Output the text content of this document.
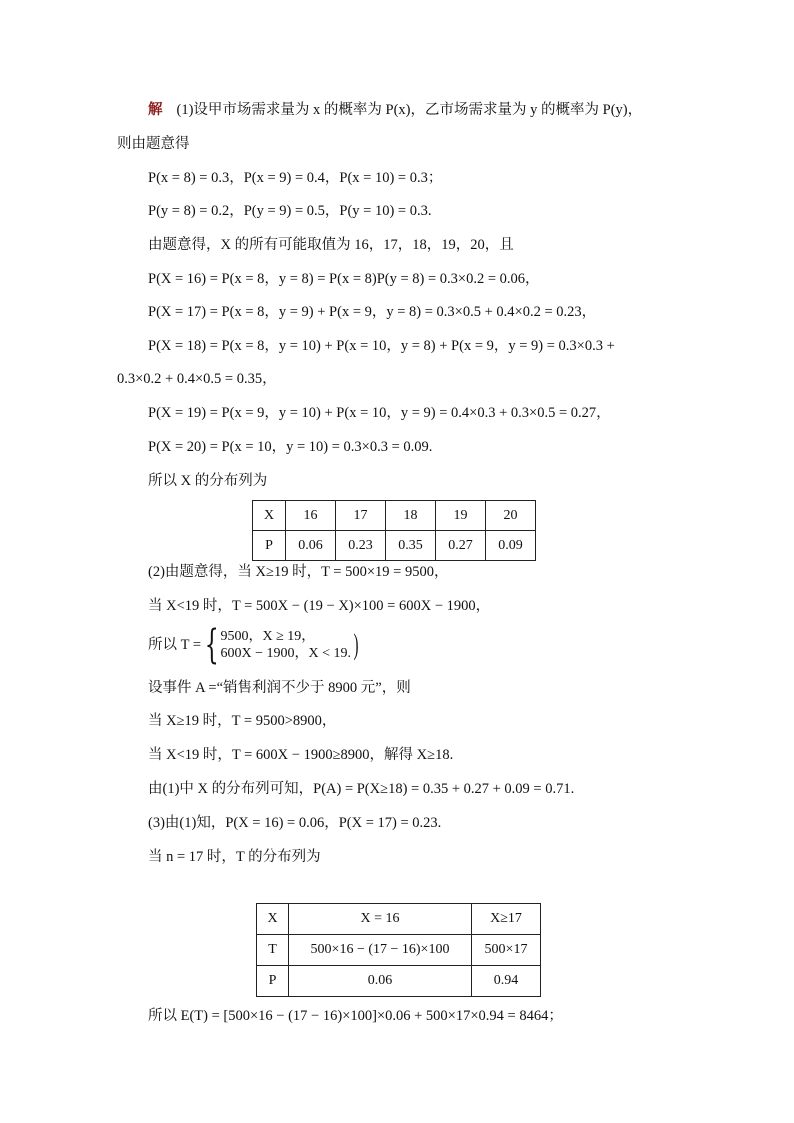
解 (1)设甲市场需求量为 x 的概率为 P(x)，乙市场需求量为 y 的概率为 P(y)，
则由题意得
P(x = 8) = 0.3，P(x = 9) = 0.4，P(x = 10) = 0.3；
P(y = 8) = 0.2，P(y = 9) = 0.5，P(y = 10) = 0.3.
由题意得，X 的所有可能取值为 16，17，18，19，20，且
P(X = 16) = P(x = 8，y = 8) = P(x = 8)P(y = 8) = 0.3×0.2 = 0.06，
P(X = 17) = P(x = 8，y = 9) + P(x = 9，y = 8) = 0.3×0.5 + 0.4×0.2 = 0.23，
P(X = 18) = P(x = 8，y = 10) + P(x = 10，y = 8) + P(x = 9，y = 9) = 0.3×0.3 +
0.3×0.2 + 0.4×0.5 = 0.35，
P(X = 19) = P(x = 9，y = 10) + P(x = 10，y = 9) = 0.4×0.3 + 0.3×0.5 = 0.27，
P(X = 20) = P(x = 10，y = 10) = 0.3×0.3 = 0.09.
所以 X 的分布列为
X	16	17	18	19	20
P	0.06	0.23	0.35	0.27	0.09
(2)由题意得，当 X≥19 时，T = 500×19 = 9500，
当 X<19 时，T = 500X − (19 − X)×100 = 600X − 1900，
所以 T = { 9500，X ≥ 19，
600X − 1900，X < 19. )
设事件 A =“销售利润不少于 8900 元”，则
当 X≥19 时，T = 9500>8900，
当 X<19 时，T = 600X − 1900≥8900，解得 X≥18.
由(1)中 X 的分布列可知，P(A) = P(X≥18) = 0.35 + 0.27 + 0.09 = 0.71.
(3)由(1)知，P(X = 16) = 0.06，P(X = 17) = 0.23.
当 n = 17 时，T 的分布列为
X	X = 16	X≥17
T	500×16 − (17 − 16)×100	500×17
P	0.06	0.94
所以 E(T) = [500×16 − (17 − 16)×100]×0.06 + 500×17×0.94 = 8464；
